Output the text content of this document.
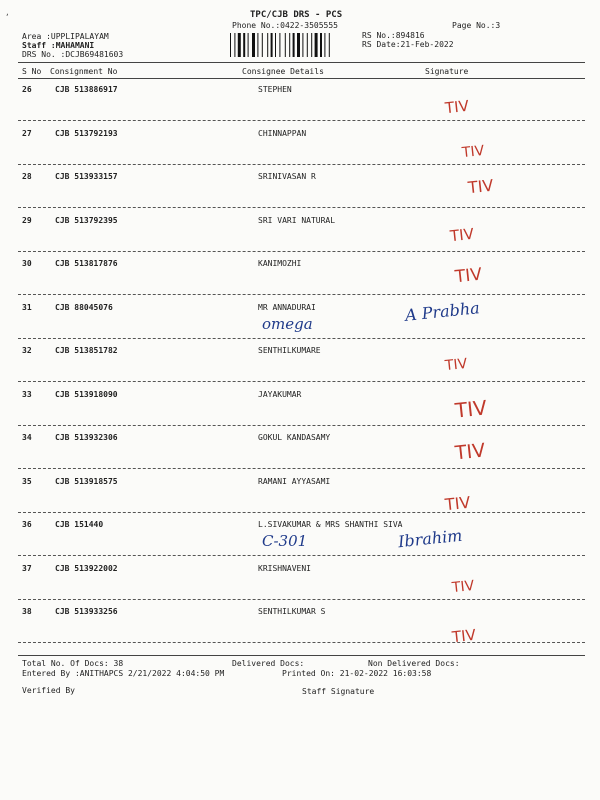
,	TPC/CJB DRS - PCS
Phone No.:0422-3505555	Page No.:3
Area :UPPLIPALAYAM
Staff :MAHAMANI
DRS No. :DCJB69481603
RS No.:894816
RS Date:21-Feb-2022
S No Consignment No	Consignee Details	Signature
26	CJB 513886917	STEPHEN
TIV
27	CJB 513792193	CHINNAPPAN
TIV
28	CJB 513933157	SRINIVASAN R	TIV
29	CJB 513792395	SRI VARI NATURAL
TIV
30	CJB 513817876	KANIMOZHI
TIV
31	CJB 88045076	MR ANNADURAI	A Prabha
omega
32	CJB 513851782	SENTHILKUMARE
TIV
33	CJB 513918090	JAYAKUMAR
TIV
34	CJB 513932306	GOKUL KANDASAMY
TIV
35	CJB 513918575	RAMANI AYYASAMI
TIV
36	CJB 151440	L.SIVAKUMAR & MRS SHANTHI SIVA
Ibrahim
C-301
37	CJB 513922002	KRISHNAVENI
TIV
38	CJB 513933256	SENTHILKUMAR S
TIV
Total No. Of Docs: 38	Delivered Docs:	Non Delivered Docs:
Entered By :ANITHAPCS 2/21/2022 4:04:50 PM	Printed On: 21-02-2022 16:03:58
Verified By	Staff Signature
